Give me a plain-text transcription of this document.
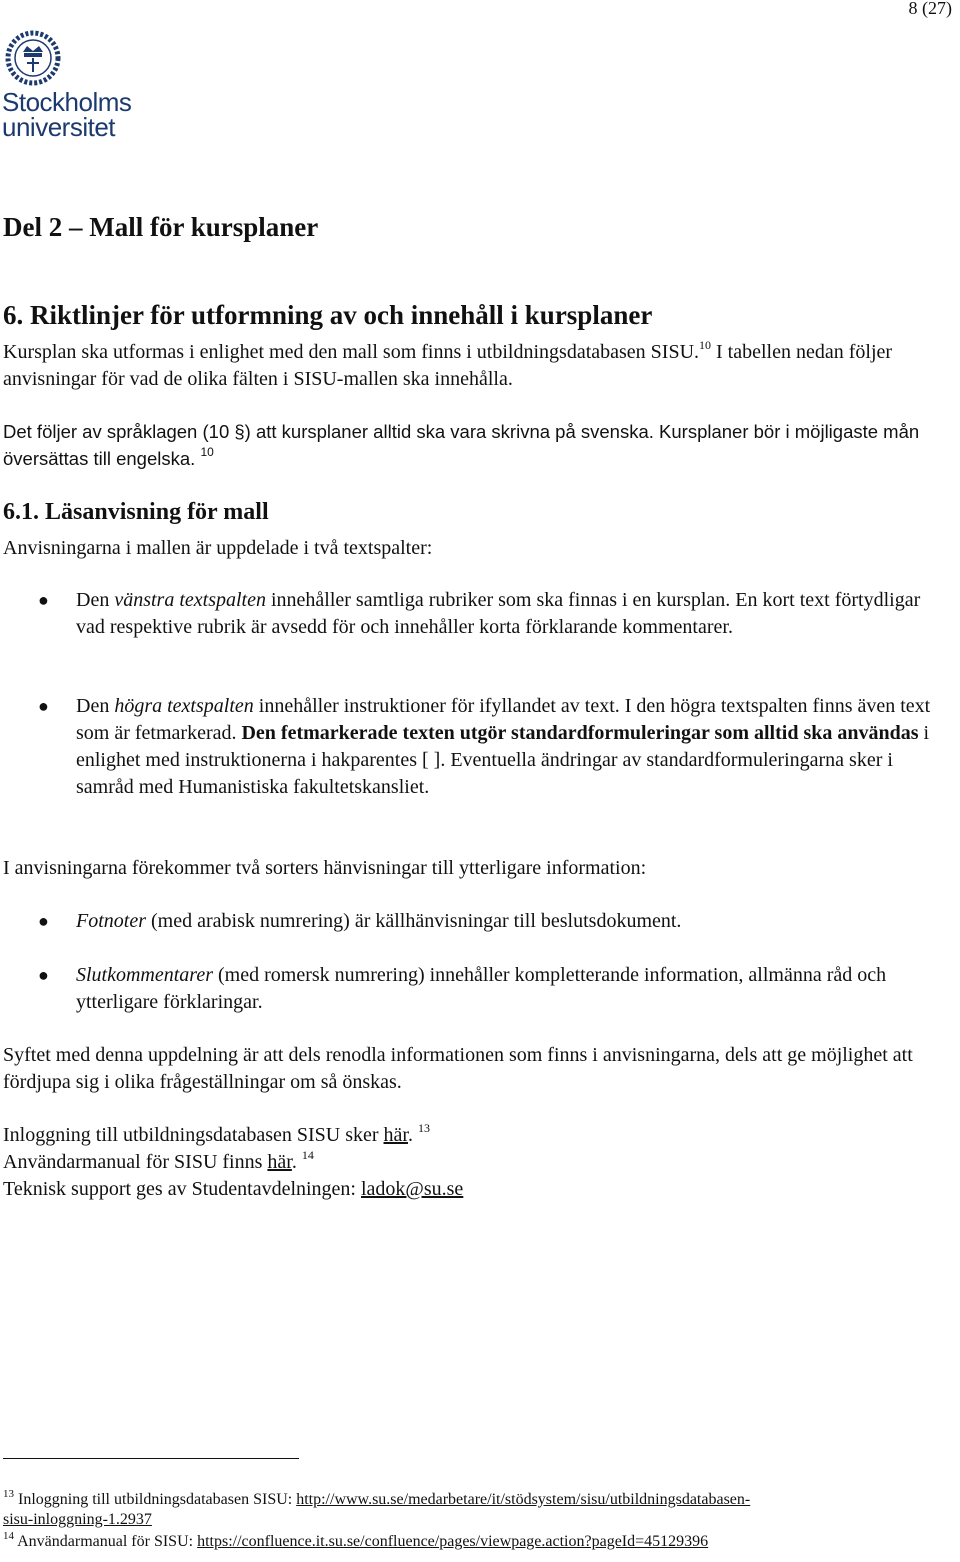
8 (27)
Stockholms
universitet
Del 2 – Mall för kursplaner
6. Riktlinjer för utformning av och innehåll i kursplaner
Kursplan ska utformas i enlighet med den mall som finns i utbildningsdatabasen SISU.$^{10}$ I tabellen nedan följer anvisningar för vad de olika fälten i SISU-mallen ska innehålla.
Det följer av språklagen (10 §) att kursplaner alltid ska vara skrivna på svenska. Kursplaner bör i möjligaste mån översättas till engelska. $^{10}$
6.1. Läsanvisning för mall
Anvisningarna i mallen är uppdelade i två textspalter:
● Den vänstra textspalten innehåller samtliga rubriker som ska finnas i en kursplan. En kort text förtydligar vad respektive rubrik är avsedd för och innehåller korta förklarande kommentarer.
● Den högra textspalten innehåller instruktioner för ifyllandet av text. I den högra textspalten finns även text som är fetmarkerad. Den fetmarkerade texten utgör standardformuleringar som alltid ska användas i enlighet med instruktionerna i hakparentes [ ]. Eventuella ändringar av standardformuleringarna sker i samråd med Humanistiska fakultetskansliet.
I anvisningarna förekommer två sorters hänvisningar till ytterligare information:
● Fotnoter (med arabisk numrering) är källhänvisningar till beslutsdokument.
● Slutkommentarer (med romersk numrering) innehåller kompletterande information, allmänna råd och ytterligare förklaringar.
Syftet med denna uppdelning är att dels renodla informationen som finns i anvisningarna, dels att ge möjlighet att fördjupa sig i olika frågeställningar om så önskas.
Inloggning till utbildningsdatabasen SISU sker här. $^{13}$
Användarmanual för SISU finns här. $^{14}$
Teknisk support ges av Studentavdelningen: ladok@su.se
$^{13}$ Inloggning till utbildningsdatabasen SISU: http://www.su.se/medarbetare/it/stödsystem/sisu/utbildningsdatabasen-
sisu-inloggning-1.2937
$^{14}$ Användarmanual för SISU: https://confluence.it.su.se/confluence/pages/viewpage.action?pageId=45129396
